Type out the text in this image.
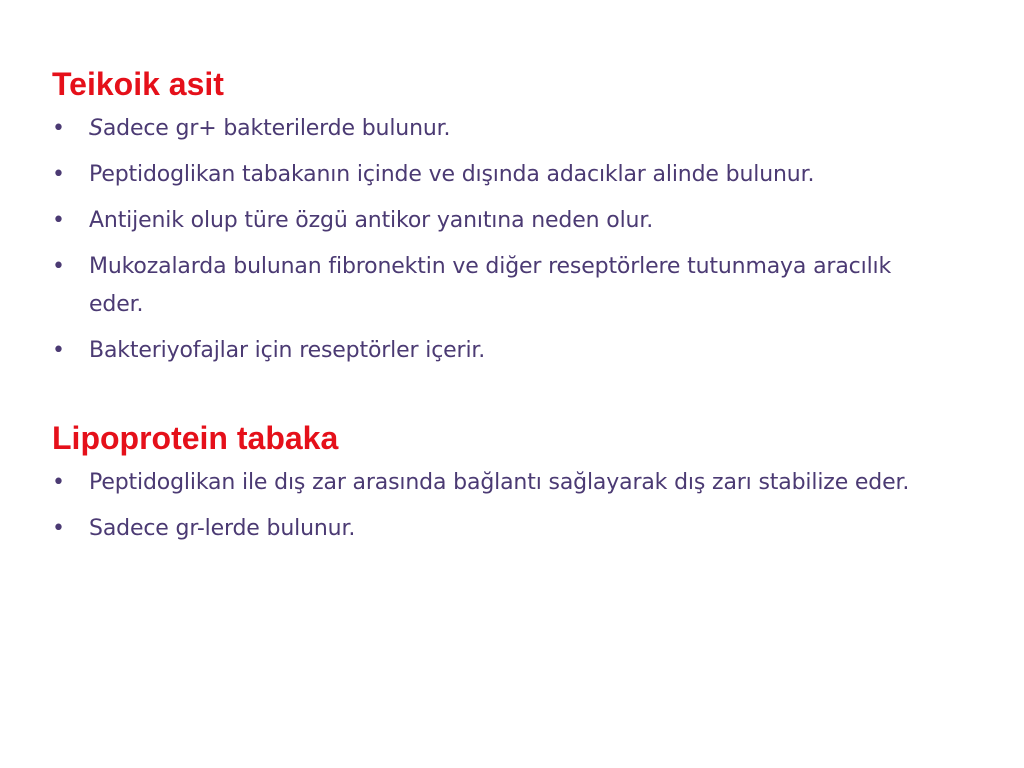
Teikoik asit
•	Sadece gr+ bakterilerde bulunur.
•	Peptidoglikan tabakanın içinde ve dışında adacıklar alinde bulunur.
•	Antijenik olup türe özgü antikor yanıtına neden olur.
•	Mukozalarda bulunan fibronektin ve diğer reseptörlere tutunmaya aracılık eder.
•	Bakteriyofajlar için reseptörler içerir.
Lipoprotein tabaka
•	Peptidoglikan ile dış zar arasında bağlantı sağlayarak dış zarı stabilize eder.
•	Sadece gr-lerde bulunur.
